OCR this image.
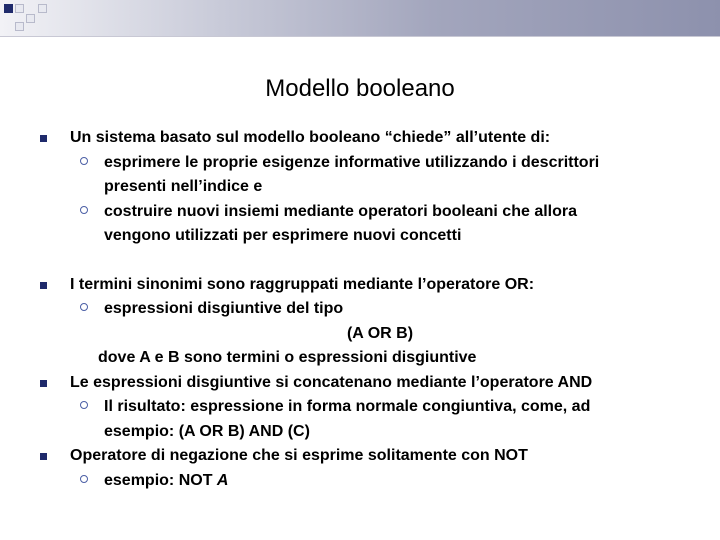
Modello booleano
Un sistema basato sul modello booleano “chiede” all’utente di:
esprimere le proprie esigenze informative utilizzando i descrittori
presenti nell’indice e
costruire nuovi insiemi mediante operatori booleani che allora
vengono utilizzati per esprimere nuovi concetti
I termini sinonimi sono raggruppati mediante l’operatore OR:
espressioni disgiuntive del tipo
(A OR B)
dove A e B sono termini o espressioni disgiuntive
Le espressioni disgiuntive si concatenano mediante l’operatore AND
Il risultato: espressione in forma normale congiuntiva, come, ad
esempio: (A OR B) AND (C)
Operatore di negazione che si esprime solitamente con NOT
esempio: NOT A
